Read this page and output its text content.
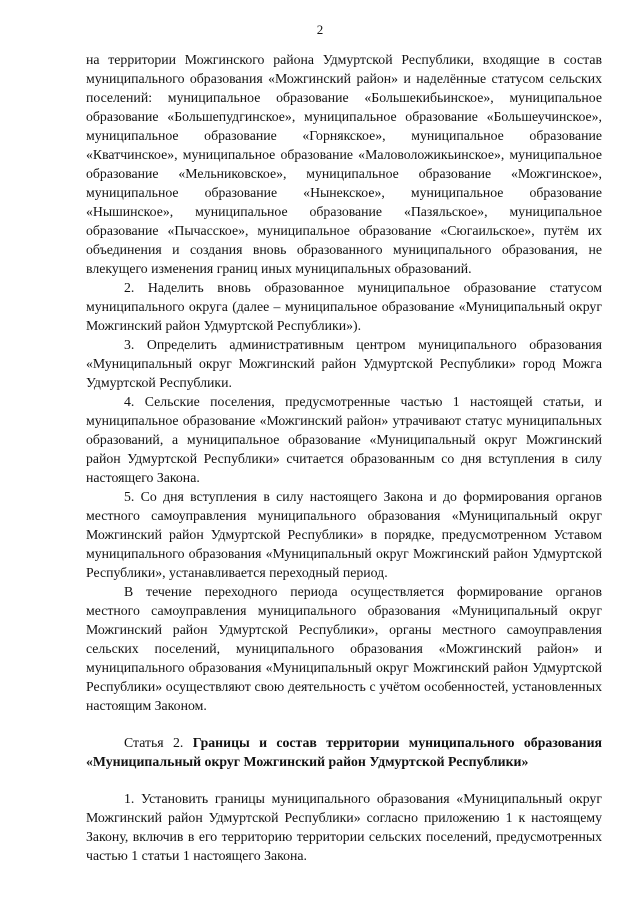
2

на территории Можгинского района Удмуртской Республики, входящие в состав муниципального образования «Можгинский район» и наделённые статусом сельских поселений: муниципальное образование «Большекибьинское», муниципальное образование «Большепудгинское», муниципальное образование «Большеучинское», муниципальное образование «Горнякское», муниципальное образование «Кватчинское», муниципальное образование «Маловоложикьинское», муниципальное образование «Мельниковское», муниципальное образование «Можгинское», муниципальное образование «Нынекское», муниципальное образование «Нышинское», муниципальное образование «Пазяльское», муниципальное образование «Пычасское», муниципальное образование «Сюгаильское», путём их объединения и создания вновь образованного муниципального образования, не влекущего изменения границ иных муниципальных образований.

2. Наделить вновь образованное муниципальное образование статусом муниципального округа (далее – муниципальное образование «Муниципальный округ Можгинский район Удмуртской Республики»).

3. Определить административным центром муниципального образования «Муниципальный округ Можгинский район Удмуртской Республики» город Можга Удмуртской Республики.

4. Сельские поселения, предусмотренные частью 1 настоящей статьи, и муниципальное образование «Можгинский район» утрачивают статус муниципальных образований, а муниципальное образование «Муниципальный округ Можгинский район Удмуртской Республики» считается образованным со дня вступления в силу настоящего Закона.

5. Со дня вступления в силу настоящего Закона и до формирования органов местного самоуправления муниципального образования «Муниципальный округ Можгинский район Удмуртской Республики» в порядке, предусмотренном Уставом муниципального образования «Муниципальный округ Можгинский район Удмуртской Республики», устанавливается переходный период.

В течение переходного периода осуществляется формирование органов местного самоуправления муниципального образования «Муниципальный округ Можгинский район Удмуртской Республики», органы местного самоуправления сельских поселений, муниципального образования «Можгинский район» и муниципального образования «Муниципальный округ Можгинский район Удмуртской Республики» осуществляют свою деятельность с учётом особенностей, установленных настоящим Законом.

Статья 2. Границы и состав территории муниципального образования «Муниципальный округ Можгинский район Удмуртской Республики»

1. Установить границы муниципального образования «Муниципальный округ Можгинский район Удмуртской Республики» согласно приложению 1 к настоящему Закону, включив в его территорию территории сельских поселений, предусмотренных частью 1 статьи 1 настоящего Закона.
